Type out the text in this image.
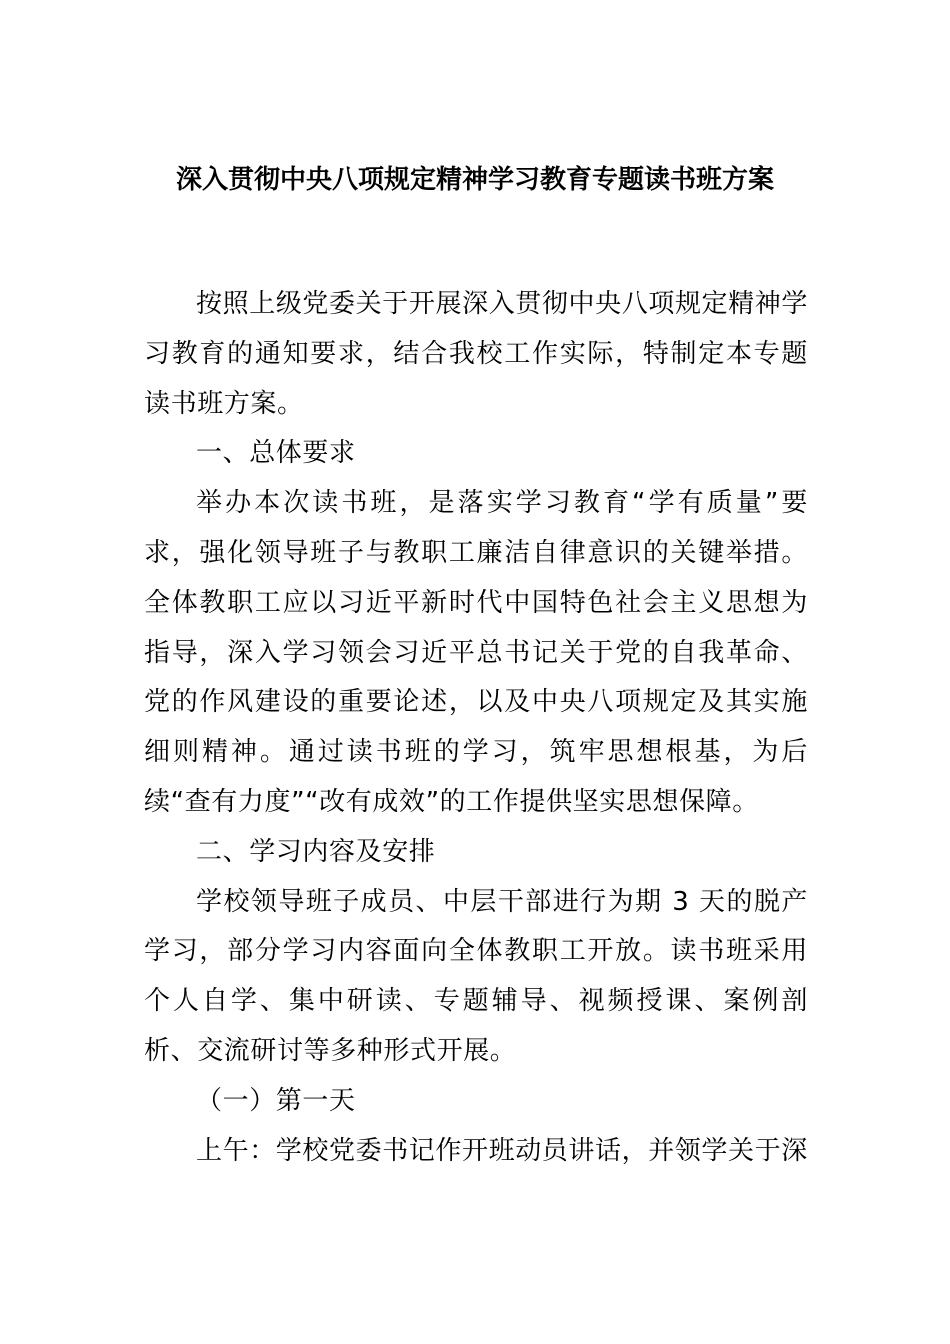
深入贯彻中央八项规定精神学习教育专题读书班方案

按照上级党委关于开展深入贯彻中央八项规定精神学习教育的通知要求，结合我校工作实际，特制定本专题读书班方案。

一、总体要求

举办本次读书班，是落实学习教育“学有质量”要求，强化领导班子与教职工廉洁自律意识的关键举措。全体教职工应以习近平新时代中国特色社会主义思想为指导，深入学习领会习近平总书记关于党的自我革命、党的作风建设的重要论述，以及中央八项规定及其实施细则精神。通过读书班的学习，筑牢思想根基，为后续“查有力度”“改有成效”的工作提供坚实思想保障。

二、学习内容及安排

学校领导班子成员、中层干部进行为期 3 天的脱产学习，部分学习内容面向全体教职工开放。读书班采用个人自学、集中研读、专题辅导、视频授课、案例剖析、交流研讨等多种形式开展。

（一）第一天

上午：学校党委书记作开班动员讲话，并领学关于深
